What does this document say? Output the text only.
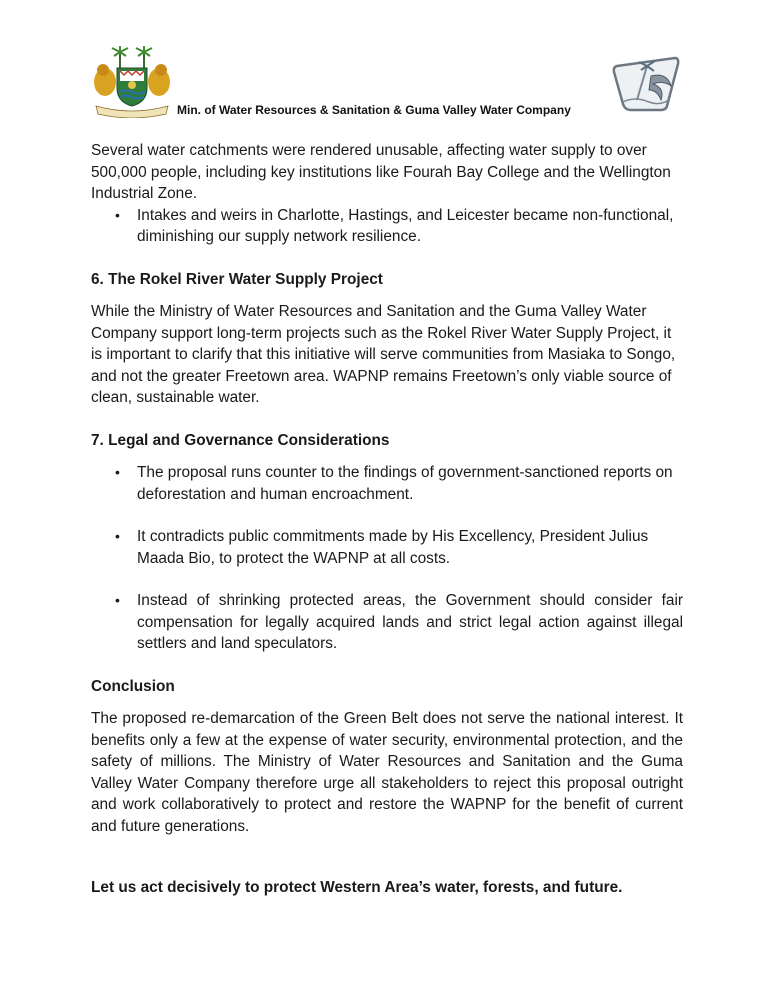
Min. of Water Resources & Sanitation & Guma Valley Water Company

Several water catchments were rendered unusable, affecting water supply to over 500,000 people, including key institutions like Fourah Bay College and the Wellington Industrial Zone.

• Intakes and weirs in Charlotte, Hastings, and Leicester became non-functional, diminishing our supply network resilience.

6. The Rokel River Water Supply Project

While the Ministry of Water Resources and Sanitation and the Guma Valley Water Company support long-term projects such as the Rokel River Water Supply Project, it is important to clarify that this initiative will serve communities from Masiaka to Songo, and not the greater Freetown area. WAPNP remains Freetown’s only viable source of clean, sustainable water.

7. Legal and Governance Considerations

• The proposal runs counter to the findings of government-sanctioned reports on deforestation and human encroachment.
• It contradicts public commitments made by His Excellency, President Julius Maada Bio, to protect the WAPNP at all costs.
• Instead of shrinking protected areas, the Government should consider fair compensation for legally acquired lands and strict legal action against illegal settlers and land speculators.

Conclusion

The proposed re-demarcation of the Green Belt does not serve the national interest. It benefits only a few at the expense of water security, environmental protection, and the safety of millions. The Ministry of Water Resources and Sanitation and the Guma Valley Water Company therefore urge all stakeholders to reject this proposal outright and work collaboratively to protect and restore the WAPNP for the benefit of current and future generations.

Let us act decisively to protect Western Area’s water, forests, and future.
